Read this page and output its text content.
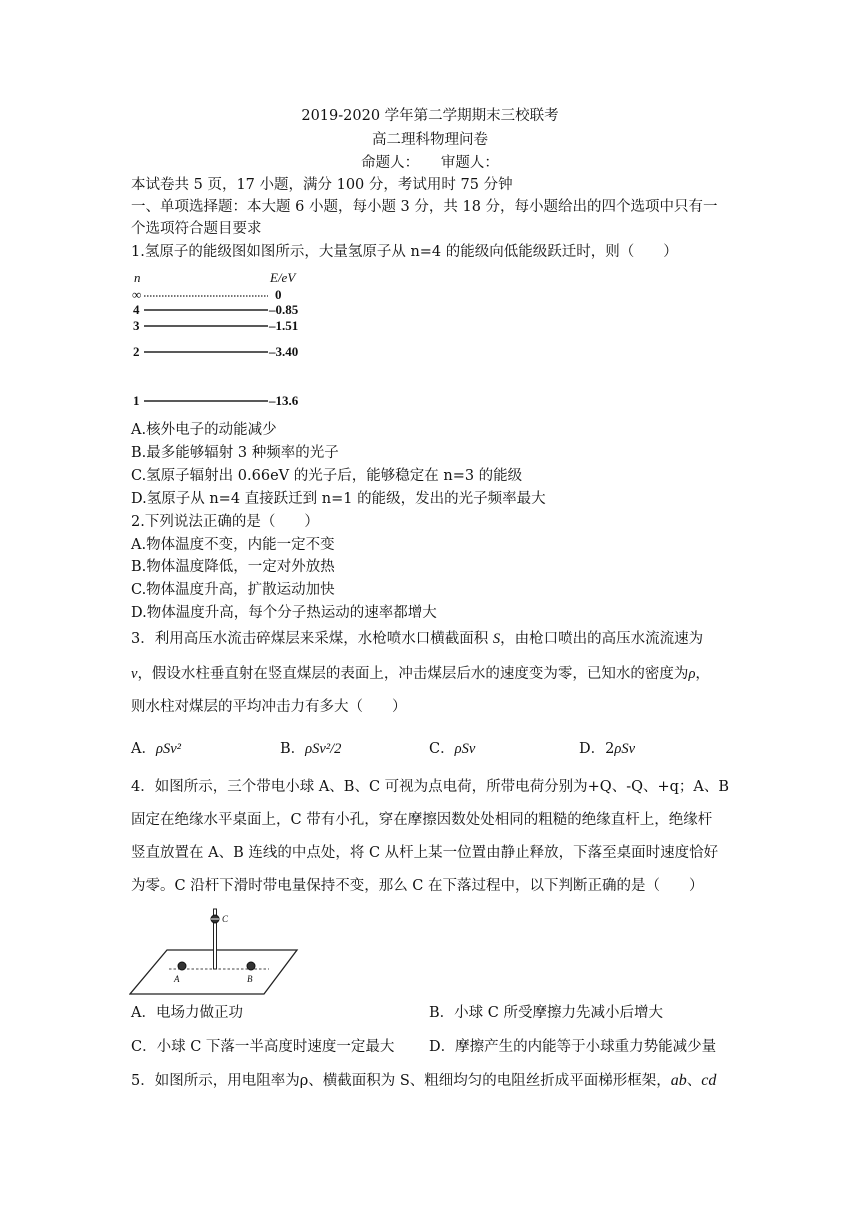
2019-2020 学年第二学期期末三校联考
高二理科物理问卷
命题人：　　审题人：
本试卷共 5 页，17 小题，满分 100 分，考试用时 75 分钟
一、单项选择题：本大题 6 小题，每小题 3 分，共 18 分，每小题给出的四个选项中只有一
个选项符合题目要求
1.氢原子的能级图如图所示，大量氢原子从 n=4 的能级向低能级跃迁时，则（　　）
n	E/eV
∞	0
4	–0.85
3	–1.51
2	–3.40
1	–13.6
A.核外电子的动能减少
B.最多能够辐射 3 种频率的光子
C.氢原子辐射出 0.66eV 的光子后，能够稳定在 n=3 的能级
D.氢原子从 n=4 直接跃迁到 n=1 的能级，发出的光子频率最大
2.下列说法正确的是（　　）
A.物体温度不变，内能一定不变
B.物体温度降低，一定对外放热
C.物体温度升高，扩散运动加快
D.物体温度升高，每个分子热运动的速率都增大
3．利用高压水流击碎煤层来采煤，水枪喷水口横截面积 S，由枪口喷出的高压水流流速为
v，假设水柱垂直射在竖直煤层的表面上，冲击煤层后水的速度变为零，已知水的密度为ρ，
则水柱对煤层的平均冲击力有多大（　　）
A．ρSv²	B．ρSv²/2	C．ρSv	D．2ρSv
4．如图所示，三个带电小球 A、B、C 可视为点电荷，所带电荷分别为+Q、-Q、+q；A、B
固定在绝缘水平桌面上，C 带有小孔，穿在摩擦因数处处相同的粗糙的绝缘直杆上，绝缘杆
竖直放置在 A、B 连线的中点处，将 C 从杆上某一位置由静止释放，下落至桌面时速度恰好
为零。C 沿杆下滑时带电量保持不变，那么 C 在下落过程中，以下判断正确的是（　　）
C
A	B
A．电场力做正功	B．小球 C 所受摩擦力先减小后增大
C．小球 C 下落一半高度时速度一定最大 D．摩擦产生的内能等于小球重力势能减少量
5．如图所示，用电阻率为ρ、横截面积为 S、粗细均匀的电阻丝折成平面梯形框架，ab、cd
